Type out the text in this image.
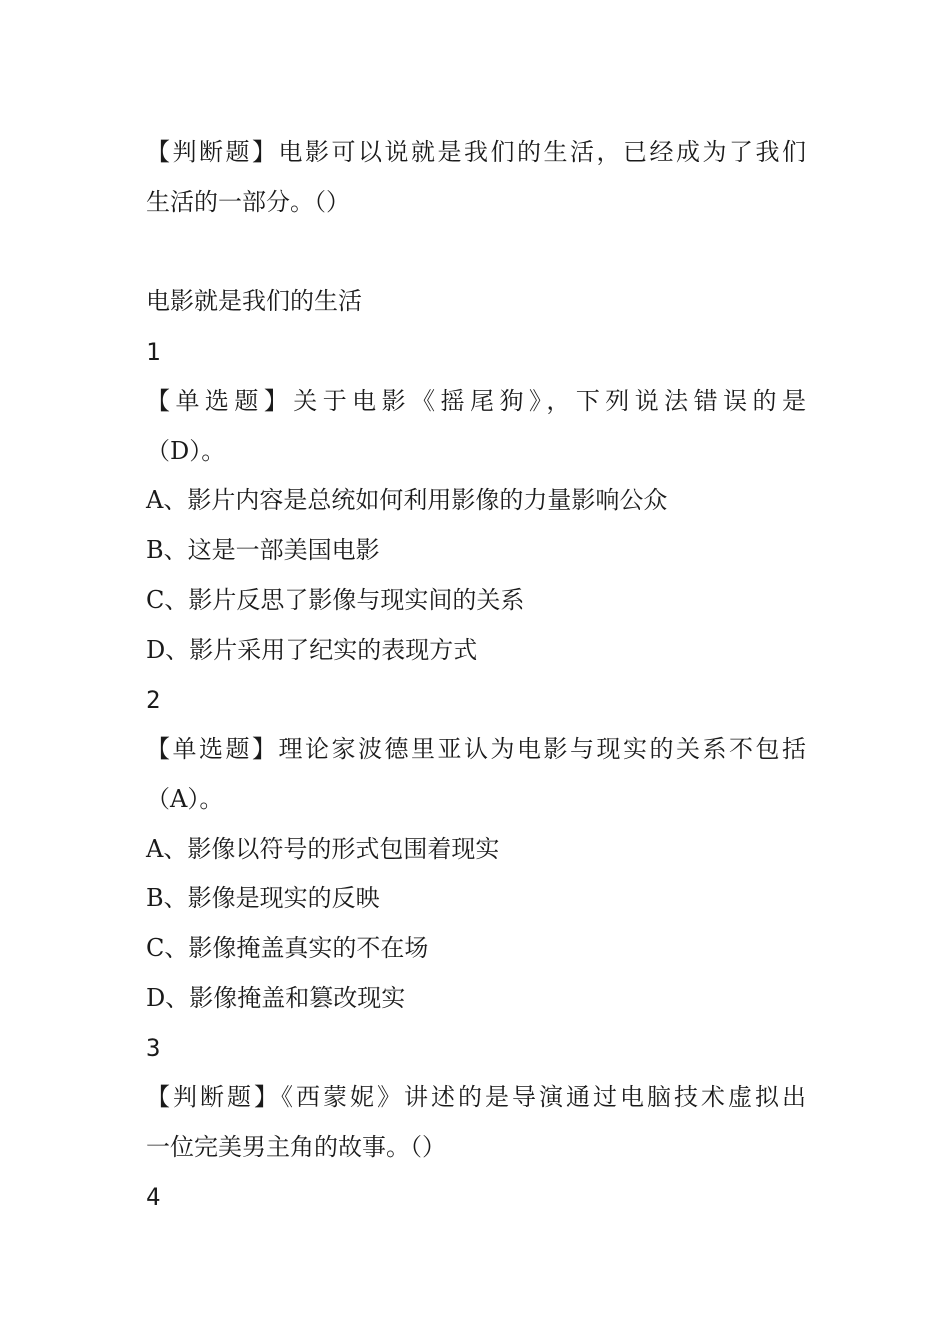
【判断题】电影可以说就是我们的生活，已经成为了我们
生活的一部分。（）
电影就是我们的生活
1
【单选题】关于电影《摇尾狗》，下列说法错误的是
（D）。
A、影片内容是总统如何利用影像的力量影响公众
B、这是一部美国电影
C、影片反思了影像与现实间的关系
D、影片采用了纪实的表现方式
2
【单选题】理论家波德里亚认为电影与现实的关系不包括
（A）。
A、影像以符号的形式包围着现实
B、影像是现实的反映
C、影像掩盖真实的不在场
D、影像掩盖和篡改现实
3
【判断题】《西蒙妮》讲述的是导演通过电脑技术虚拟出
一位完美男主角的故事。（）
4
